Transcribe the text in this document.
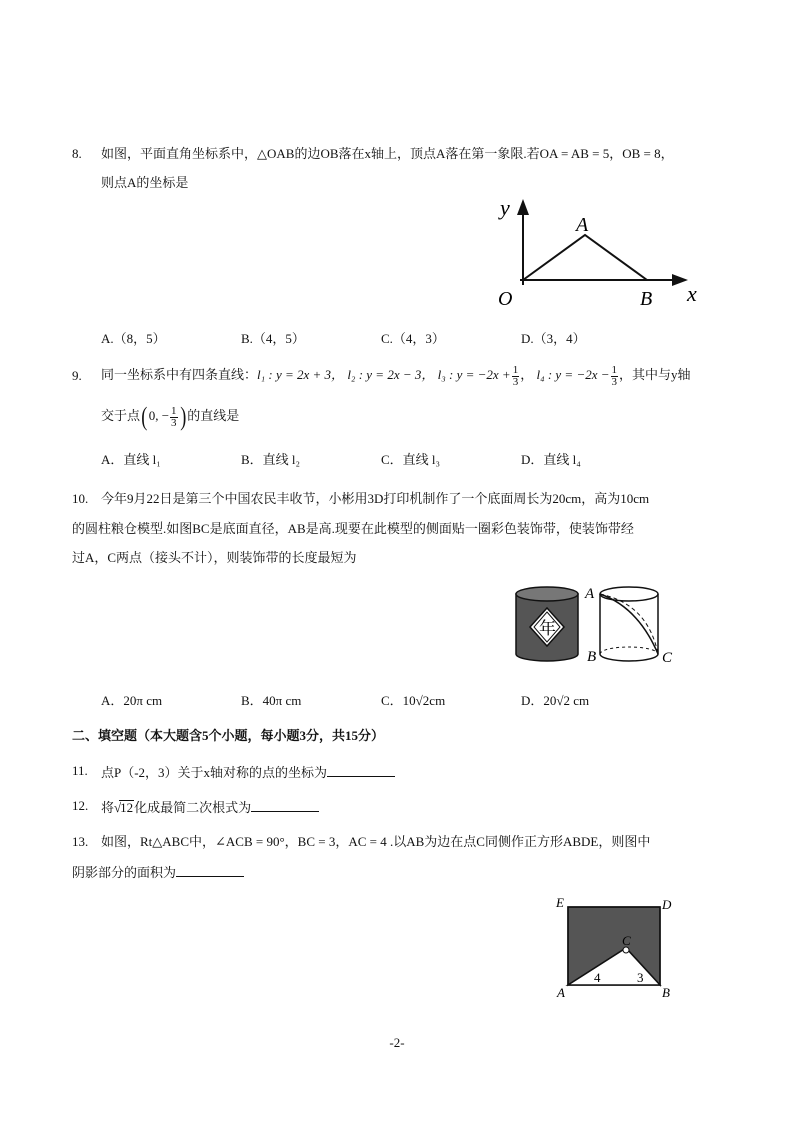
8. 如图，平面直角坐标系中，△OAB的边OB落在x轴上，顶点A落在第一象限.若OA = AB = 5，OB = 8，
则点A的坐标是
y
A
O	B x
A.（8，5）	B.（4，5）	C.（4，3）	D.（3，4）
9. 同一坐标系中有四条直线：l₁ : y = 2x + 3， l₂ : y = 2x − 3， l₃ : $y = -2x + \frac{1}{3}$ ， l₄ : $y = -2x - \frac{1}{3}$ ，其中与y轴
交于点(0, − $\frac{1}{3}$ )的直线是
A．直线 l₁	B．直线 l₂	C．直线 l₃	D．直线 l₄
10. 今年9月22日是第三个中国农民丰收节，小彬用3D打印机制作了一个底面周长为20cm，高为10cm
的圆柱粮仓模型.如图BC是底面直径，AB是高.现要在此模型的侧面贴一圈彩色装饰带，使装饰带经
过A，C两点（接头不计），则装饰带的长度最短为
年
A
B	C
A．20π cm	B．40π cm	C．10√2cm	D．20√2 cm
二、填空题（本大题含5个小题，每小题3分，共15分）
11. 点P（-2，3）关于x轴对称的点的坐标为
12. 将√12化成最简二次根式为
13. 如图，Rt△ABC中，∠ACB = 90°，BC = 3，AC = 4 .以AB为边在点C同侧作正方形ABDE，则图中
阴影部分的面积为
E	D
C
A	B
4	3
-2-
